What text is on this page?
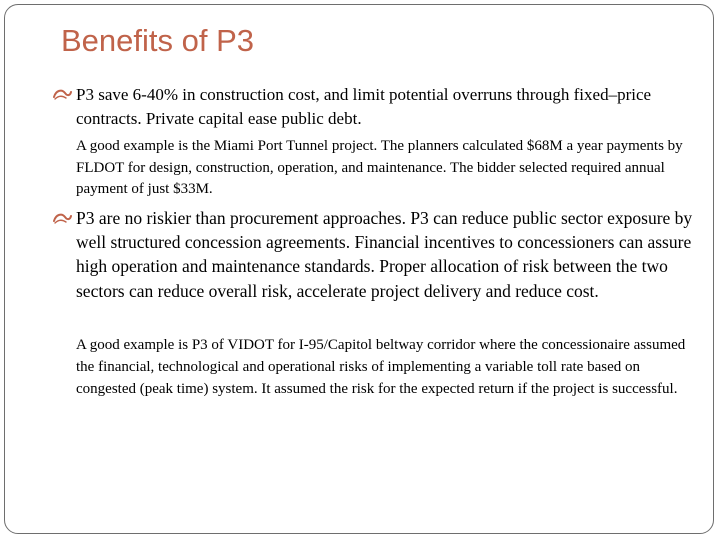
Benefits of P3

P3 save 6-40% in construction cost, and limit potential overruns through fixed–price contracts. Private capital ease public debt.

A good example is the Miami Port Tunnel project. The planners calculated $68M a year payments by FLDOT for design, construction, operation, and maintenance. The bidder selected required annual payment of just $33M.

P3 are no riskier than procurement approaches. P3 can reduce public sector exposure by well structured concession agreements. Financial incentives to concessioners can assure high operation and maintenance standards. Proper allocation of risk between the two sectors can reduce overall risk, accelerate project delivery and reduce cost.

A good example is P3 of VIDOT for I-95/Capitol beltway corridor where the concessionaire assumed the financial, technological and operational risks of implementing a variable toll rate based on congested (peak time) system. It assumed the risk for the expected return if the project is successful.
